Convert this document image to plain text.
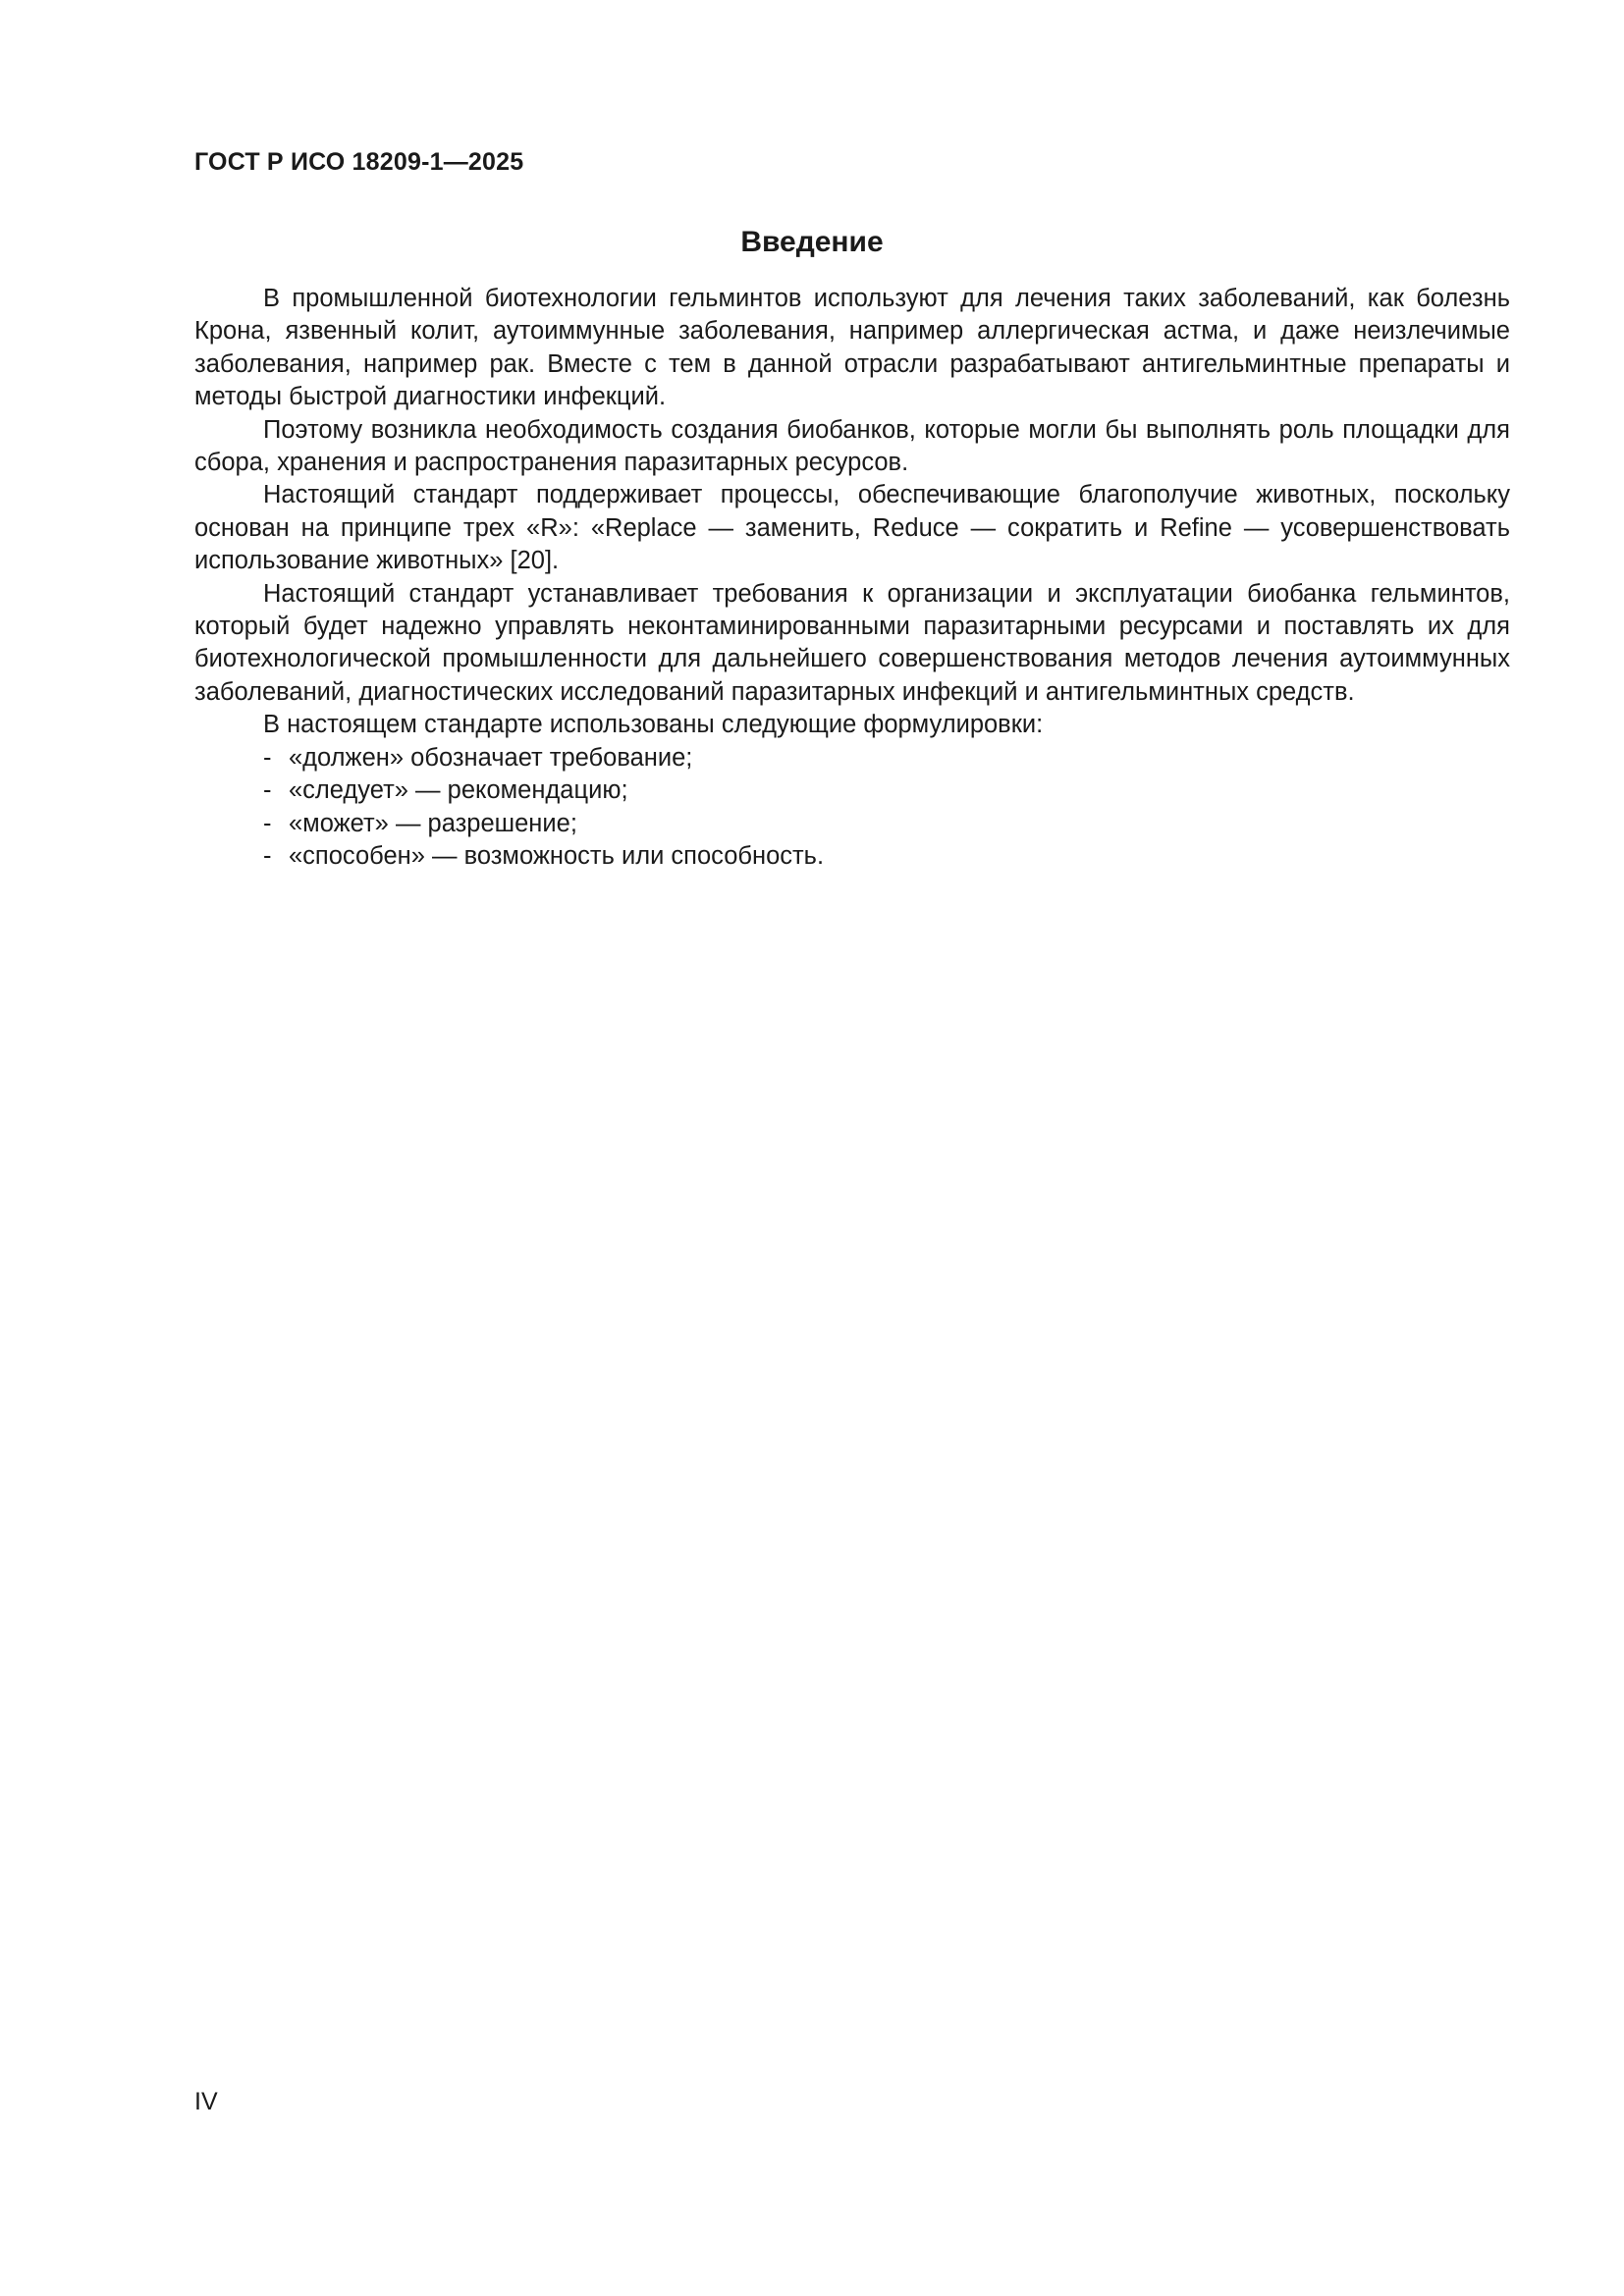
ГОСТ Р ИСО 18209-1—2025
Введение

В промышленной биотехнологии гельминтов используют для лечения таких заболеваний, как болезнь Крона, язвенный колит, аутоиммунные заболевания, например аллергическая астма, и даже неизлечимые заболевания, например рак. Вместе с тем в данной отрасли разрабатывают антигельминтные препараты и методы быстрой диагностики инфекций.

Поэтому возникла необходимость создания биобанков, которые могли бы выполнять роль площадки для сбора, хранения и распространения паразитарных ресурсов.

Настоящий стандарт поддерживает процессы, обеспечивающие благополучие животных, поскольку основан на принципе трех «R»: «Replace — заменить, Reduce — сократить и Refine — усовершенствовать использование животных» [20].

Настоящий стандарт устанавливает требования к организации и эксплуатации биобанка гельминтов, который будет надежно управлять неконтаминированными паразитарными ресурсами и поставлять их для биотехнологической промышленности для дальнейшего совершенствования методов лечения аутоиммунных заболеваний, диагностических исследований паразитарных инфекций и антигельминтных средств.

В настоящем стандарте использованы следующие формулировки:

- «должен» обозначает требование;
- «следует» — рекомендацию;
- «может» — разрешение;
- «способен» — возможность или способность.
IV
